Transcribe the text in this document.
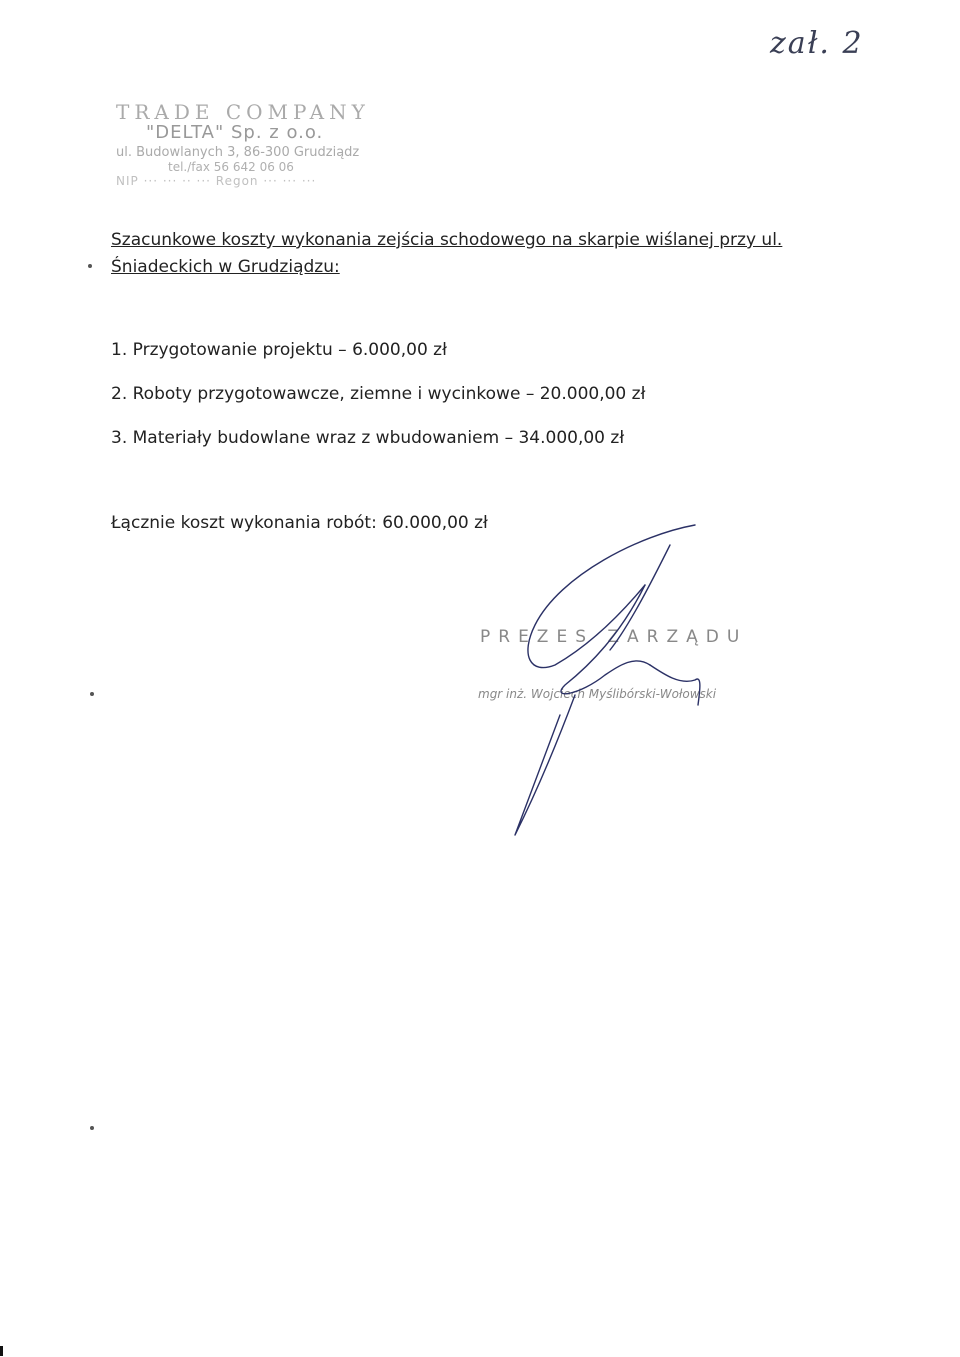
zał. 2
TRADE COMPANY
"DELTA" Sp. z o.o.
ul. Budowlanych 3, 86-300 Grudziądz
tel./fax 56 642 06 06
NIP ··· ··· ·· ··· Regon ··· ··· ···
Szacunkowe koszty wykonania zejścia schodowego na skarpie wiślanej przy ul. Śniadeckich w Grudziądzu:
1. Przygotowanie projektu – 6.000,00 zł
2. Roboty przygotowawcze, ziemne i wycinkowe – 20.000,00 zł
3. Materiały budowlane wraz z wbudowaniem – 34.000,00 zł
Łącznie koszt wykonania robót: 60.000,00 zł
PREZES ZARZĄDU
mgr inż. Wojciech Myślibórski-Wołowski
